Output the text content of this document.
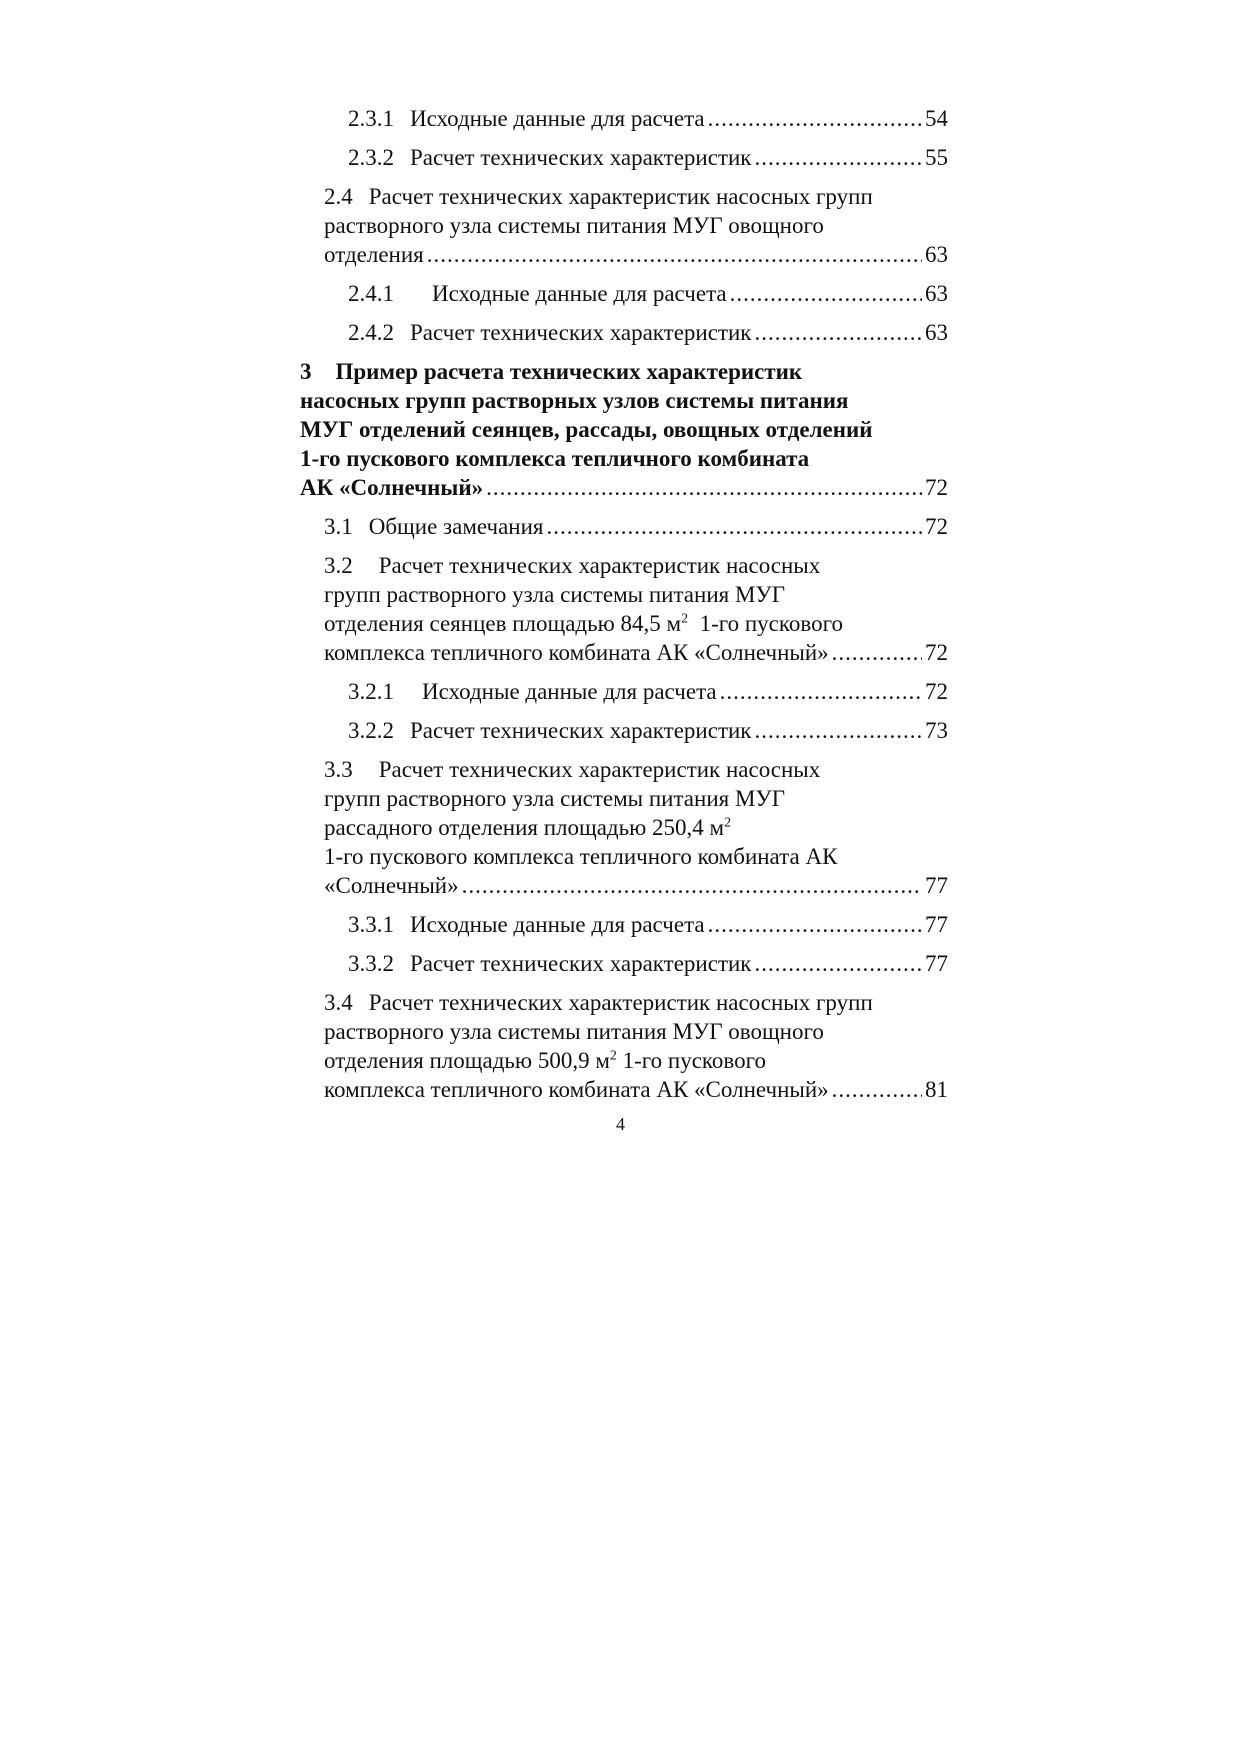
2.3.1 Исходные данные для расчета .....	54
2.3.2 Расчет технических характеристик .....	55
2.4 Расчет технических характеристик насосных групп
растворного узла системы питания МУГ овощного
отделения .....	63
2.4.1 Исходные данные для расчета .....	63
2.4.2 Расчет технических характеристик .....	63
3 Пример расчета технических характеристик
насосных групп растворных узлов системы питания
МУГ отделений сеянцев, рассады, овощных отделений
1-го пускового комплекса тепличного комбината
АК «Солнечный» .....	72
3.1 Общие замечания .....	72
3.2 Расчет технических характеристик насосных
групп растворного узла системы питания МУГ
отделения сеянцев площадью 84,5 $м^2$ 1-го пускового
комплекса тепличного комбината АК «Солнечный» .....	72
3.2.1 Исходные данные для расчета .....	72
3.2.2 Расчет технических характеристик .....	73
3.3 Расчет технических характеристик насосных
групп растворного узла системы питания МУГ
рассадного отделения площадью 250,4 $м^2$
1-го пускового комплекса тепличного комбината АК
«Солнечный» .....	77
3.3.1 Исходные данные для расчета .....	77
3.3.2 Расчет технических характеристик .....	77
3.4 Расчет технических характеристик насосных групп
растворного узла системы питания МУГ овощного
отделения площадью 500,9 $м^2$ 1-го пускового
комплекса тепличного комбината АК «Солнечный» .....	81
4
